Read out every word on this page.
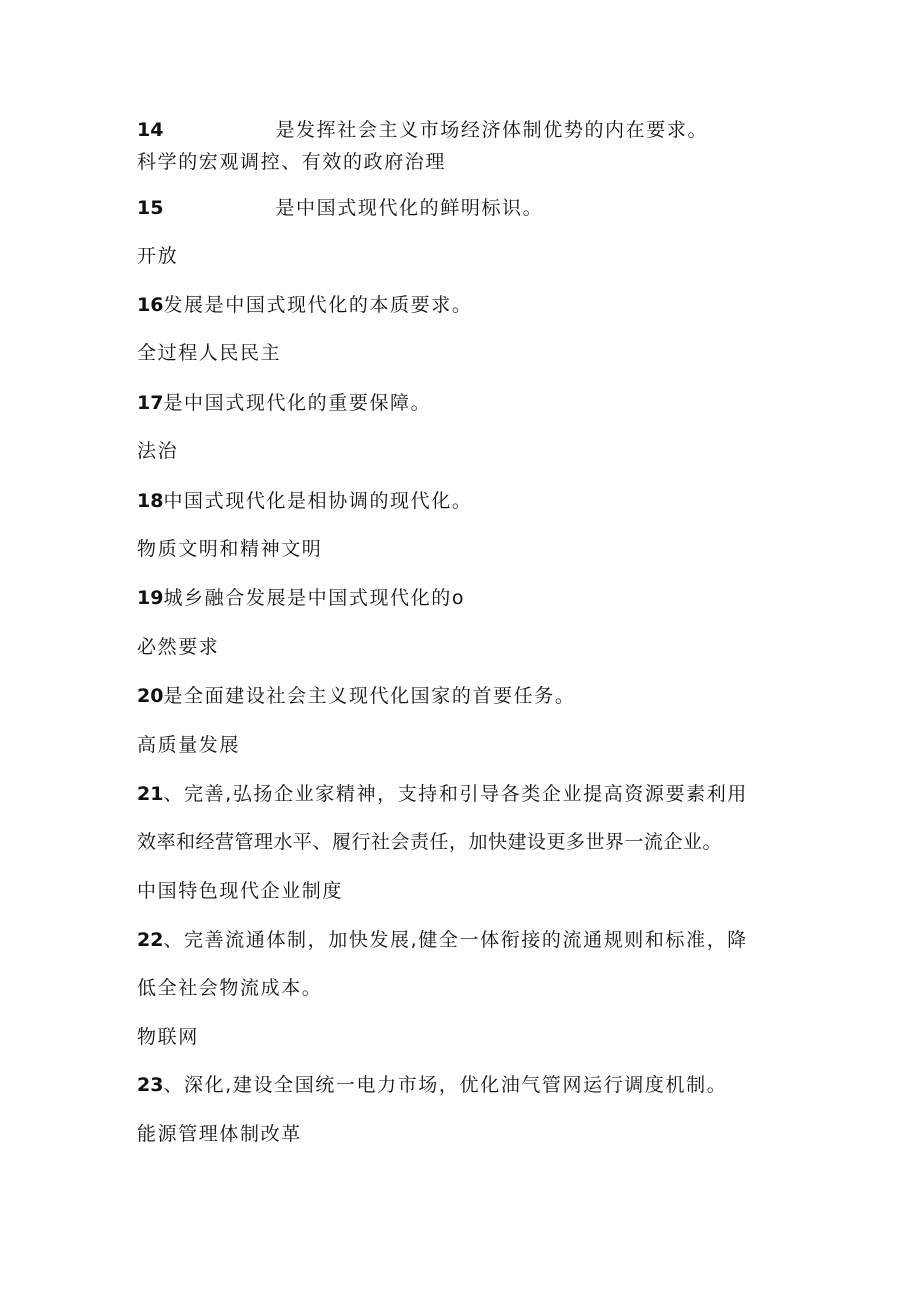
14	是发挥社会主义市场经济体制优势的内在要求。
科学的宏观调控、有效的政府治理
15	是中国式现代化的鲜明标识。
开放
16发展是中国式现代化的本质要求。
全过程人民民主
17是中国式现代化的重要保障。
法治
18中国式现代化是相协调的现代化。
物质文明和精神文明
19城乡融合发展是中国式现代化的o
必然要求
20是全面建设社会主义现代化国家的首要任务。
高质量发展
21、完善,弘扬企业家精神，支持和引导各类企业提高资源要素利用
效率和经营管理水平、履行社会责任，加快建设更多世界一流企业。
中国特色现代企业制度
22、完善流通体制，加快发展,健全一体衔接的流通规则和标准，降
低全社会物流成本。
物联网
23、深化,建设全国统一电力市场，优化油气管网运行调度机制。
能源管理体制改革
